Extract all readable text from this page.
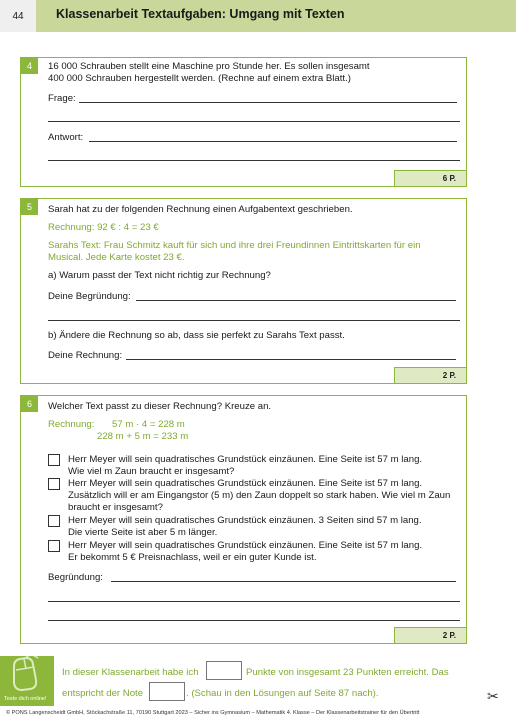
44	Klassenarbeit Textaufgaben: Umgang mit Texten
4	16 000 Schrauben stellt eine Maschine pro Stunde her. Es sollen insgesamt
400 000 Schrauben hergestellt werden. (Rechne auf einem extra Blatt.)
Frage:
Antwort:
6 P.
5	Sarah hat zu der folgenden Rechnung einen Aufgabentext geschrieben.
Rechnung: 92 € : 4 = 23 €
Sarahs Text: Frau Schmitz kauft für sich und ihre drei Freundinnen Eintrittskarten für ein
Musical. Jede Karte kostet 23 €.
a) Warum passt der Text nicht richtig zur Rechnung?
Deine Begründung:
b) Ändere die Rechnung so ab, dass sie perfekt zu Sarahs Text passt.
Deine Rechnung:
2 P.
6	Welcher Text passt zu dieser Rechnung? Kreuze an.
Rechnung: 57 m · 4 = 228 m
228 m + 5 m = 233 m
Herr Meyer will sein quadratisches Grundstück einzäunen. Eine Seite ist 57 m lang.
Wie viel m Zaun braucht er insgesamt?
Herr Meyer will sein quadratisches Grundstück einzäunen. Eine Seite ist 57 m lang.
Zusätzlich will er am Eingangstor (5 m) den Zaun doppelt so stark haben. Wie viel m Zaun
braucht er insgesamt?
Herr Meyer will sein quadratisches Grundstück einzäunen. 3 Seiten sind 57 m lang.
Die vierte Seite ist aber 5 m länger.
Herr Meyer will sein quadratisches Grundstück einzäunen. Eine Seite ist 57 m lang.
Er bekommt 5 € Preisnachlass, weil er ein guter Kunde ist.
Begründung:
2 P.
Teste dich online!
In dieser Klassenarbeit habe ich	Punkte von insgesamt 23 Punkten erreicht. Das
entspricht der Note	. (Schau in den Lösungen auf Seite 87 nach).	✂
© PONS Langenscheidt GmbH, Stöckachstraße 11, 70190 Stuttgart 2023 – Sicher ins Gymnasium – Mathematik 4. Klasse – Der Klassenarbeitstrainer für den Übertritt
